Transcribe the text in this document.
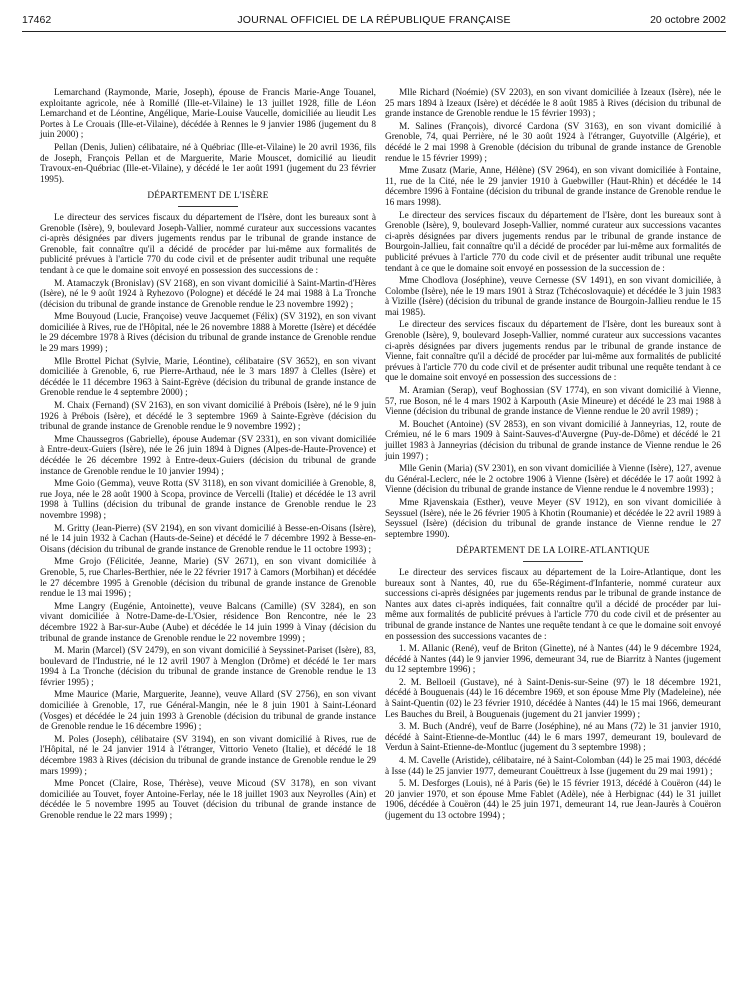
17462	JOURNAL OFFICIEL DE LA RÉPUBLIQUE FRANÇAISE	20 octobre 2002

Lemarchand (Raymonde, Marie, Joseph), épouse de Francis Marie-Ange Touanel, exploitante agricole, née à Romillé (Ille-et-Vilaine) le 13 juillet 1928, fille de Léon Lemarchand et de Léontine, Angélique, Marie-Louise Vaucelle, domiciliée au lieudit Les Portes à Le Crouais (Ille-et-Vilaine), décédée à Rennes le 9 janvier 1986 (jugement du 8 juin 2000) ;

Pellan (Denis, Julien) célibataire, né à Québriac (Ille-et-Vilaine) le 20 avril 1936, fils de Joseph, François Pellan et de Marguerite, Marie Mouscet, domicilié au lieudit Travoux-en-Québriac (Ille-et-Vilaine), y décédé le 1er août 1991 (jugement du 23 février 1995).

DÉPARTEMENT DE L'ISÈRE

Le directeur des services fiscaux du département de l'Isère, dont les bureaux sont à Grenoble (Isère), 9, boulevard Joseph-Vallier, nommé curateur aux successions vacantes ci-après désignées par divers jugements rendus par le tribunal de grande instance de Grenoble, fait connaître qu'il a décidé de procéder par lui-même aux formalités de publicité prévues à l'article 770 du code civil et de présenter audit tribunal une requête tendant à ce que le domaine soit envoyé en possession des successions de :

M. Atamaczyk (Bronislav) (SV 2168), en son vivant domicilié à Saint-Martin-d'Hères (Isère), né le 9 août 1924 à Ryhezovo (Pologne) et décédé le 24 mai 1988 à La Tronche (décision du tribunal de grande instance de Grenoble rendue le 23 novembre 1992) ;

Mme Bouyoud (Lucie, Françoise) veuve Jacquemet (Félix) (SV 3192), en son vivant domiciliée à Rives, rue de l'Hôpital, née le 26 novembre 1888 à Morette (Isère) et décédée le 29 décembre 1978 à Rives (décision du tribunal de grande instance de Grenoble rendue le 29 mars 1999) ;

Mlle Brottel Pichat (Sylvie, Marie, Léontine), célibataire (SV 3652), en son vivant domiciliée à Grenoble, 6, rue Pierre-Arthaud, née le 3 mars 1897 à Clelles (Isère) et décédée le 11 décembre 1963 à Saint-Egrève (décision du tribunal de grande instance de Grenoble rendue le 4 septembre 2000) ;

M. Chaix (Fernand) (SV 2163), en son vivant domicilié à Prébois (Isère), né le 9 juin 1926 à Prébois (Isère), et décédé le 3 septembre 1969 à Sainte-Egrève (décision du tribunal de grande instance de Grenoble rendue le 9 novembre 1992) ;

Mme Chaussegros (Gabrielle), épouse Audemar (SV 2331), en son vivant domiciliée à Entre-deux-Guiers (Isère), née le 26 juin 1894 à Dignes (Alpes-de-Haute-Provence) et décédée le 26 décembre 1992 à Entre-deux-Guiers (décision du tribunal de grande instance de Grenoble rendue le 10 janvier 1994) ;

Mme Goio (Gemma), veuve Rotta (SV 3118), en son vivant domiciliée à Grenoble, 8, rue Joya, née le 28 août 1900 à Scopa, province de Vercelli (Italie) et décédée le 13 avril 1998 à Tullins (décision du tribunal de grande instance de Grenoble rendue le 23 novembre 1998) ;

M. Gritty (Jean-Pierre) (SV 2194), en son vivant domicilié à Besse-en-Oisans (Isère), né le 14 juin 1932 à Cachan (Hauts-de-Seine) et décédé le 7 décembre 1992 à Besse-en-Oisans (décision du tribunal de grande instance de Grenoble rendue le 11 octobre 1993) ;

Mme Grojo (Félicitée, Jeanne, Marie) (SV 2671), en son vivant domiciliée à Grenoble, 5, rue Charles-Berthier, née le 22 février 1917 à Camors (Morbihan) et décédée le 27 décembre 1995 à Grenoble (décision du tribunal de grande instance de Grenoble rendue le 13 mai 1996) ;

Mme Langry (Eugénie, Antoinette), veuve Balcans (Camille) (SV 3284), en son vivant domiciliée à Notre-Dame-de-L'Osier, résidence Bon Rencontre, née le 23 décembre 1922 à Bar-sur-Aube (Aube) et décédée le 14 juin 1999 à Vinay (décision du tribunal de grande instance de Grenoble rendue le 22 novembre 1999) ;

M. Marin (Marcel) (SV 2479), en son vivant domicilié à Seyssinet-Pariset (Isère), 83, boulevard de l'Industrie, né le 12 avril 1907 à Menglon (Drôme) et décédé le 1er mars 1994 à La Tronche (décision du tribunal de grande instance de Grenoble rendue le 13 février 1995) ;

Mme Maurice (Marie, Marguerite, Jeanne), veuve Allard (SV 2756), en son vivant domiciliée à Grenoble, 17, rue Général-Mangin, née le 8 juin 1901 à Saint-Léonard (Vosges) et décédée le 24 juin 1993 à Grenoble (décision du tribunal de grande instance de Grenoble rendue le 16 décembre 1996) ;

M. Poles (Joseph), célibataire (SV 3194), en son vivant domicilié à Rives, rue de l'Hôpital, né le 24 janvier 1914 à l'étranger, Vittorio Veneto (Italie), et décédé le 18 décembre 1983 à Rives (décision du tribunal de grande instance de Grenoble rendue le 29 mars 1999) ;

Mme Poncet (Claire, Rose, Thérèse), veuve Micoud (SV 3178), en son vivant domiciliée au Touvet, foyer Antoine-Ferlay, née le 18 juillet 1903 aux Neyrolles (Ain) et décédée le 5 novembre 1995 au Touvet (décision du tribunal de grande instance de Grenoble rendue le 22 mars 1999) ;

Mlle Richard (Noémie) (SV 2203), en son vivant domiciliée à Izeaux (Isère), née le 25 mars 1894 à Izeaux (Isère) et décédée le 8 août 1985 à Rives (décision du tribunal de grande instance de Grenoble rendue le 15 février 1993) ;

M. Salines (François), divorcé Cardona (SV 3163), en son vivant domicilié à Grenoble, 74, quai Perrière, né le 30 août 1924 à l'étranger, Guyotville (Algérie), et décédé le 2 mai 1998 à Grenoble (décision du tribunal de grande instance de Grenoble rendue le 15 février 1999) ;

Mme Zusatz (Marie, Anne, Hélène) (SV 2964), en son vivant domiciliée à Fontaine, 11, rue de la Cité, née le 29 janvier 1910 à Guebwiller (Haut-Rhin) et décédée le 14 décembre 1996 à Fontaine (décision du tribunal de grande instance de Grenoble rendue le 16 mars 1998).

Le directeur des services fiscaux du département de l'Isère, dont les bureaux sont à Grenoble (Isère), 9, boulevard Joseph-Vallier, nommé curateur aux successions vacantes ci-après désignées par divers jugements rendus par le tribunal de grande instance de Bourgoin-Jallieu, fait connaître qu'il a décidé de procéder par lui-même aux formalités de publicité prévues à l'article 770 du code civil et de présenter audit tribunal une requête tendant à ce que le domaine soit envoyé en possession de la succession de :

Mme Chodlova (Joséphine), veuve Cernesse (SV 1491), en son vivant domiciliée, à Colombe (Isère), née le 19 mars 1901 à Straz (Tchécoslovaquie) et décédée le 3 juin 1983 à Vizille (Isère) (décision du tribunal de grande instance de Bourgoin-Jallieu rendue le 15 mai 1985).

Le directeur des services fiscaux du département de l'Isère, dont les bureaux sont à Grenoble (Isère), 9, boulevard Joseph-Vallier, nommé curateur aux successions vacantes ci-après désignées par divers jugements rendus par le tribunal de grande instance de Vienne, fait connaître qu'il a décidé de procéder par lui-même aux formalités de publicité prévues à l'article 770 du code civil et de présenter audit tribunal une requête tendant à ce que le domaine soit envoyé en possession des successions de :

M. Aramian (Serap), veuf Boghossian (SV 1774), en son vivant domicilié à Vienne, 57, rue Boson, né le 4 mars 1902 à Karpouth (Asie Mineure) et décédé le 23 mai 1988 à Vienne (décision du tribunal de grande instance de Vienne rendue le 20 avril 1989) ;

M. Bouchet (Antoine) (SV 2853), en son vivant domicilié à Janneyrias, 12, route de Crémieu, né le 6 mars 1909 à Saint-Sauves-d'Auvergne (Puy-de-Dôme) et décédé le 21 juillet 1983 à Janneyrias (décision du tribunal de grande instance de Vienne rendue le 26 juin 1997) ;

Mlle Genin (Maria) (SV 2301), en son vivant domiciliée à Vienne (Isère), 127, avenue du Général-Leclerc, née le 2 octobre 1906 à Vienne (Isère) et décédée le 17 août 1992 à Vienne (décision du tribunal de grande instance de Vienne rendue le 4 novembre 1993) ;

Mme Rjavenskaia (Esther), veuve Meyer (SV 1912), en son vivant domiciliée à Seyssuel (Isère), née le 26 février 1905 à Khotin (Roumanie) et décédée le 22 avril 1989 à Seyssuel (Isère) (décision du tribunal de grande instance de Vienne rendue le 27 septembre 1990).

DÉPARTEMENT DE LA LOIRE-ATLANTIQUE

Le directeur des services fiscaux au département de la Loire-Atlantique, dont les bureaux sont à Nantes, 40, rue du 65e-Régiment-d'Infanterie, nommé curateur aux successions ci-après désignées par jugements rendus par le tribunal de grande instance de Nantes aux dates ci-après indiquées, fait connaître qu'il a décidé de procéder par lui-même aux formalités de publicité prévues à l'article 770 du code civil et de présenter au tribunal de grande instance de Nantes une requête tendant à ce que le domaine soit envoyé en possession des successions vacantes de :

1. M. Allanic (René), veuf de Briton (Ginette), né à Nantes (44) le 9 décembre 1924, décédé à Nantes (44) le 9 janvier 1996, demeurant 34, rue de Biarritz à Nantes (jugement du 12 septembre 1996) ;

2. M. Belloeil (Gustave), né à Saint-Denis-sur-Seine (97) le 18 décembre 1921, décédé à Bouguenais (44) le 16 décembre 1969, et son épouse Mme Ply (Madeleine), née à Saint-Quentin (02) le 23 février 1910, décédée à Nantes (44) le 15 mai 1966, demeurant Les Bauches du Breil, à Bouguenais (jugement du 21 janvier 1999) ;

3. M. Buch (André), veuf de Barre (Joséphine), né au Mans (72) le 31 janvier 1910, décédé à Saint-Etienne-de-Montluc (44) le 6 mars 1997, demeurant 19, boulevard de Verdun à Saint-Etienne-de-Montluc (jugement du 3 septembre 1998) ;

4. M. Cavelle (Aristide), célibataire, né à Saint-Colomban (44) le 25 mai 1903, décédé à Isse (44) le 25 janvier 1977, demeurant Couëttreux à Isse (jugement du 29 mai 1991) ;

5. M. Desforges (Louis), né à Paris (6e) le 15 février 1913, décédé à Couëron (44) le 20 janvier 1970, et son épouse Mme Fablet (Adèle), née à Herbignac (44) le 31 juillet 1906, décédée à Couëron (44) le 25 juin 1971, demeurant 14, rue Jean-Jaurès à Couëron (jugement du 13 octobre 1994) ;
